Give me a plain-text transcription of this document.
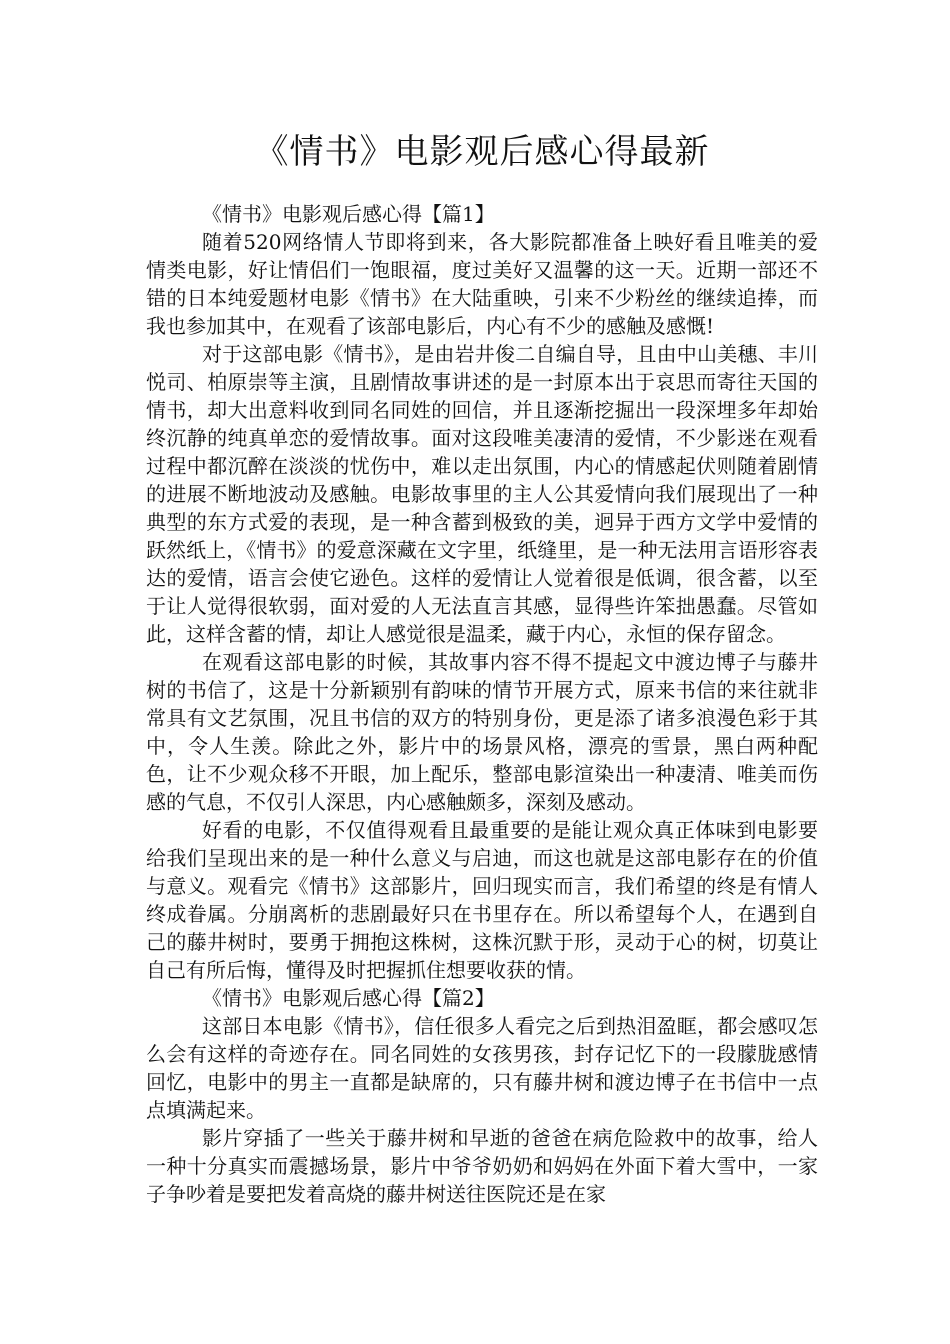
《情书》电影观后感心得最新

《情书》电影观后感心得【篇1】

随着520网络情人节即将到来，各大影院都准备上映好看且唯美的爱情类电影，好让情侣们一饱眼福，度过美好又温馨的这一天。近期一部还不错的日本纯爱题材电影《情书》在大陆重映，引来不少粉丝的继续追捧，而我也参加其中，在观看了该部电影后，内心有不少的感触及感慨!

对于这部电影《情书》，是由岩井俊二自编自导，且由中山美穗、丰川悦司、柏原崇等主演，且剧情故事讲述的是一封原本出于哀思而寄往天国的情书，却大出意料收到同名同姓的回信，并且逐渐挖掘出一段深埋多年却始终沉静的纯真单恋的爱情故事。面对这段唯美凄清的爱情，不少影迷在观看过程中都沉醉在淡淡的忧伤中，难以走出氛围，内心的情感起伏则随着剧情的进展不断地波动及感触。电影故事里的主人公其爱情向我们展现出了一种典型的东方式爱的表现，是一种含蓄到极致的美，迥异于西方文学中爱情的跃然纸上，《情书》的爱意深藏在文字里，纸缝里，是一种无法用言语形容表达的爱情，语言会使它逊色。这样的爱情让人觉着很是低调，很含蓄，以至于让人觉得很软弱，面对爱的人无法直言其感，显得些许笨拙愚蠢。尽管如此，这样含蓄的情，却让人感觉很是温柔，藏于内心，永恒的保存留念。

在观看这部电影的时候，其故事内容不得不提起文中渡边博子与藤井树的书信了，这是十分新颖别有韵味的情节开展方式，原来书信的来往就非常具有文艺氛围，况且书信的双方的特别身份，更是添了诸多浪漫色彩于其中，令人生羡。除此之外，影片中的场景风格，漂亮的雪景，黑白两种配色，让不少观众移不开眼，加上配乐，整部电影渲染出一种凄清、唯美而伤感的气息，不仅引人深思，内心感触颇多，深刻及感动。

好看的电影，不仅值得观看且最重要的是能让观众真正体味到电影要给我们呈现出来的是一种什么意义与启迪，而这也就是这部电影存在的价值与意义。观看完《情书》这部影片，回归现实而言，我们希望的终是有情人终成眷属。分崩离析的悲剧最好只在书里存在。所以希望每个人，在遇到自己的藤井树时，要勇于拥抱这株树，这株沉默于形，灵动于心的树，切莫让自己有所后悔，懂得及时把握抓住想要收获的情。

《情书》电影观后感心得【篇2】

这部日本电影《情书》，信任很多人看完之后到热泪盈眶，都会感叹怎么会有这样的奇迹存在。同名同姓的女孩男孩，封存记忆下的一段朦胧感情回忆，电影中的男主一直都是缺席的，只有藤井树和渡边博子在书信中一点点填满起来。

影片穿插了一些关于藤井树和早逝的爸爸在病危险救中的故事，给人一种十分真实而震撼场景，影片中爷爷奶奶和妈妈在外面下着大雪中，一家子争吵着是要把发着高烧的藤井树送往医院还是在家
